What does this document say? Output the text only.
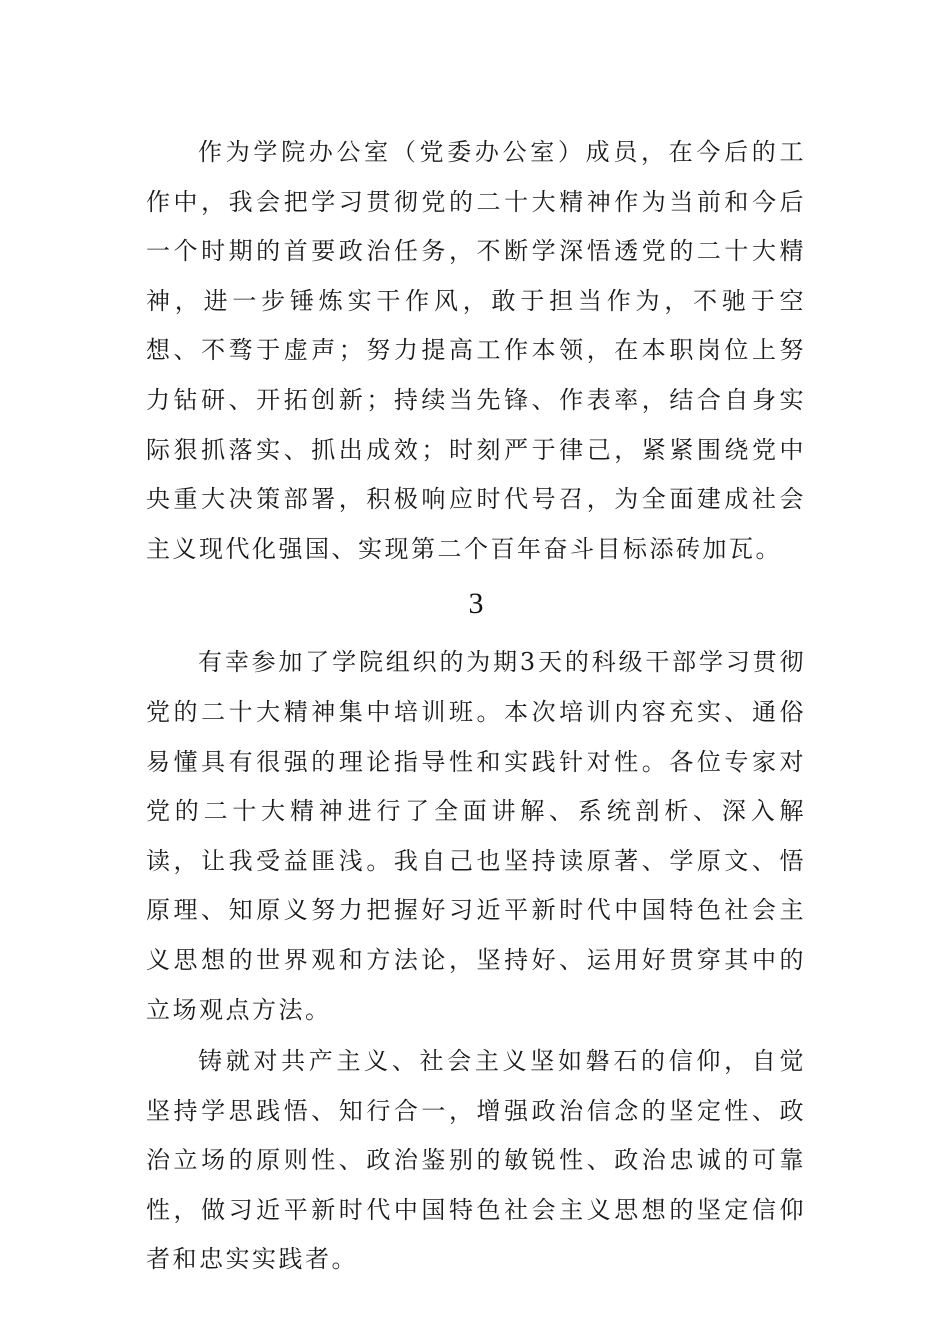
作为学院办公室（党委办公室）成员，在今后的工作中，我会把学习贯彻党的二十大精神作为当前和今后一个时期的首要政治任务，不断学深悟透党的二十大精神，进一步锤炼实干作风，敢于担当作为，不驰于空想、不骛于虚声；努力提高工作本领，在本职岗位上努力钻研、开拓创新；持续当先锋、作表率，结合自身实际狠抓落实、抓出成效；时刻严于律己，紧紧围绕党中央重大决策部署，积极响应时代号召，为全面建成社会主义现代化强国、实现第二个百年奋斗目标添砖加瓦。

3

有幸参加了学院组织的为期3天的科级干部学习贯彻党的二十大精神集中培训班。本次培训内容充实、通俗易懂具有很强的理论指导性和实践针对性。各位专家对党的二十大精神进行了全面讲解、系统剖析、深入解读，让我受益匪浅。我自己也坚持读原著、学原文、悟原理、知原义努力把握好习近平新时代中国特色社会主义思想的世界观和方法论，坚持好、运用好贯穿其中的立场观点方法。

铸就对共产主义、社会主义坚如磐石的信仰，自觉坚持学思践悟、知行合一，增强政治信念的坚定性、政治立场的原则性、政治鉴别的敏锐性、政治忠诚的可靠性，做习近平新时代中国特色社会主义思想的坚定信仰者和忠实实践者。
